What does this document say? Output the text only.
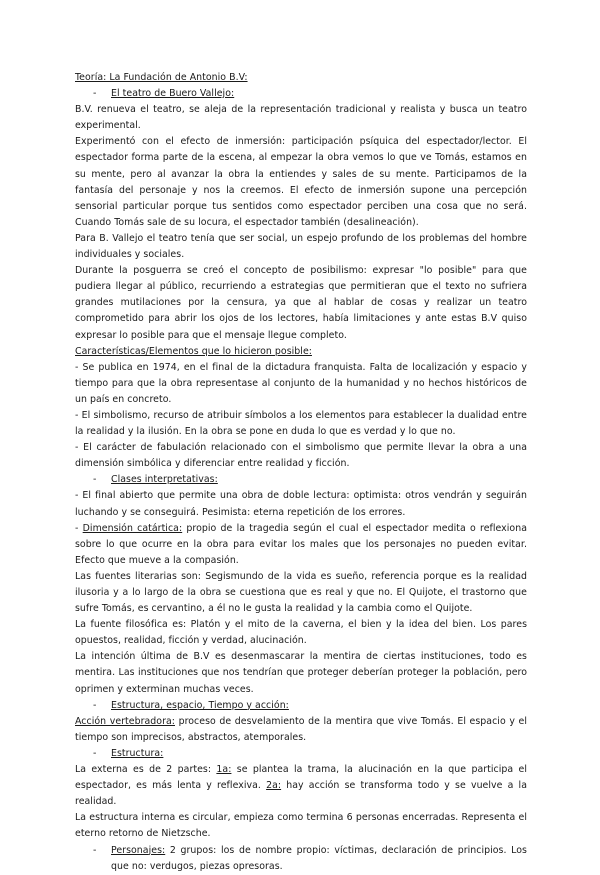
Teoría: La Fundación de Antonio B.V:

-	El teatro de Buero Vallejo:

B.V. renueva el teatro, se aleja de la representación tradicional y realista y busca un teatro experimental.

Experimentó con el efecto de inmersión: participación psíquica del espectador/lector. El espectador forma parte de la escena, al empezar la obra vemos lo que ve Tomás, estamos en su mente, pero al avanzar la obra la entiendes y sales de su mente. Participamos de la fantasía del personaje y nos la creemos. El efecto de inmersión supone una percepción sensorial particular porque tus sentidos como espectador perciben una cosa que no será. Cuando Tomás sale de su locura, el espectador también (desalineación).

Para B. Vallejo el teatro tenía que ser social, un espejo profundo de los problemas del hombre individuales y sociales.

Durante la posguerra se creó el concepto de posibilismo: expresar "lo posible" para que pudiera llegar al público, recurriendo a estrategias que permitieran que el texto no sufriera grandes mutilaciones por la censura, ya que al hablar de cosas y realizar un teatro comprometido para abrir los ojos de los lectores, había limitaciones y ante estas B.V quiso expresar lo posible para que el mensaje llegue completo.

Características/Elementos que lo hicieron posible:

- Se publica en 1974, en el final de la dictadura franquista. Falta de localización y espacio y tiempo para que la obra representase al conjunto de la humanidad y no hechos históricos de un país en concreto.

- El simbolismo, recurso de atribuir símbolos a los elementos para establecer la dualidad entre la realidad y la ilusión. En la obra se pone en duda lo que es verdad y lo que no.

- El carácter de fabulación relacionado con el simbolismo que permite llevar la obra a una dimensión simbólica y diferenciar entre realidad y ficción.

-	Clases interpretativas:

- El final abierto que permite una obra de doble lectura: optimista: otros vendrán y seguirán luchando y se conseguirá. Pesimista: eterna repetición de los errores.

- Dimensión catártica: propio de la tragedia según el cual el espectador medita o reflexiona sobre lo que ocurre en la obra para evitar los males que los personajes no pueden evitar. Efecto que mueve a la compasión.

Las fuentes literarias son: Segismundo de la vida es sueño, referencia porque es la realidad ilusoria y a lo largo de la obra se cuestiona que es real y que no. El Quijote, el trastorno que sufre Tomás, es cervantino, a él no le gusta la realidad y la cambia como el Quijote.

La fuente filosófica es: Platón y el mito de la caverna, el bien y la idea del bien. Los pares opuestos, realidad, ficción y verdad, alucinación.

La intención última de B.V es desenmascarar la mentira de ciertas instituciones, todo es mentira. Las instituciones que nos tendrían que proteger deberían proteger la población, pero oprimen y exterminan muchas veces.

-	Estructura, espacio, Tiempo y acción:

Acción vertebradora: proceso de desvelamiento de la mentira que vive Tomás. El espacio y el tiempo son imprecisos, abstractos, atemporales.

-	Estructura:

La externa es de 2 partes: 1a: se plantea la trama, la alucinación en la que participa el espectador, es más lenta y reflexiva. 2a: hay acción se transforma todo y se vuelve a la realidad.

La estructura interna es circular, empieza como termina 6 personas encerradas. Representa el eterno retorno de Nietzsche.

-	Personajes: 2 grupos: los de nombre propio: víctimas, declaración de principios. Los que no: verdugos, piezas opresoras.
